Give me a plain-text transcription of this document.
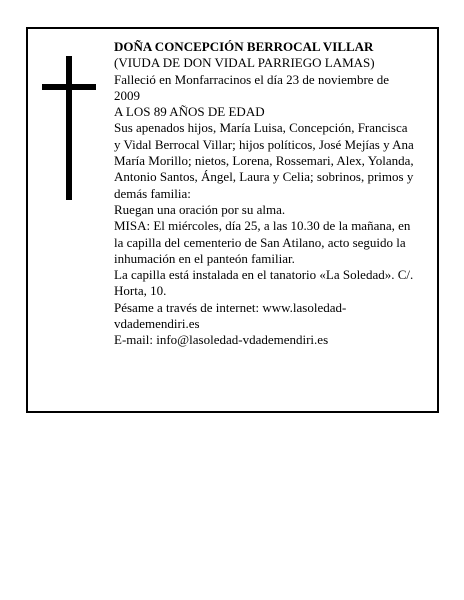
DOÑA CONCEPCIÓN BERROCAL VILLAR

(VIUDA DE DON VIDAL PARRIEGO LAMAS)

Falleció en Monfarracinos el día 23 de noviembre de 2009

A LOS 89 AÑOS DE EDAD

Sus apenados hijos, María Luisa, Concepción, Francisca y Vidal Berrocal Villar; hijos políticos, José Mejías y Ana María Morillo; nietos, Lorena, Rossemari, Alex, Yolanda, Antonio Santos, Ángel, Laura y Celia; sobrinos, primos y demás familia:

Ruegan una oración por su alma.

MISA: El miércoles, día 25, a las 10.30 de la mañana, en la capilla del cementerio de San Atilano, acto seguido la inhumación en el panteón familiar.

La capilla está instalada en el tanatorio «La Soledad». C/. Horta, 10.

Pésame a través de internet: www.lasoledad-vdademendiri.es

E-mail: info@lasoledad-vdademendiri.es
